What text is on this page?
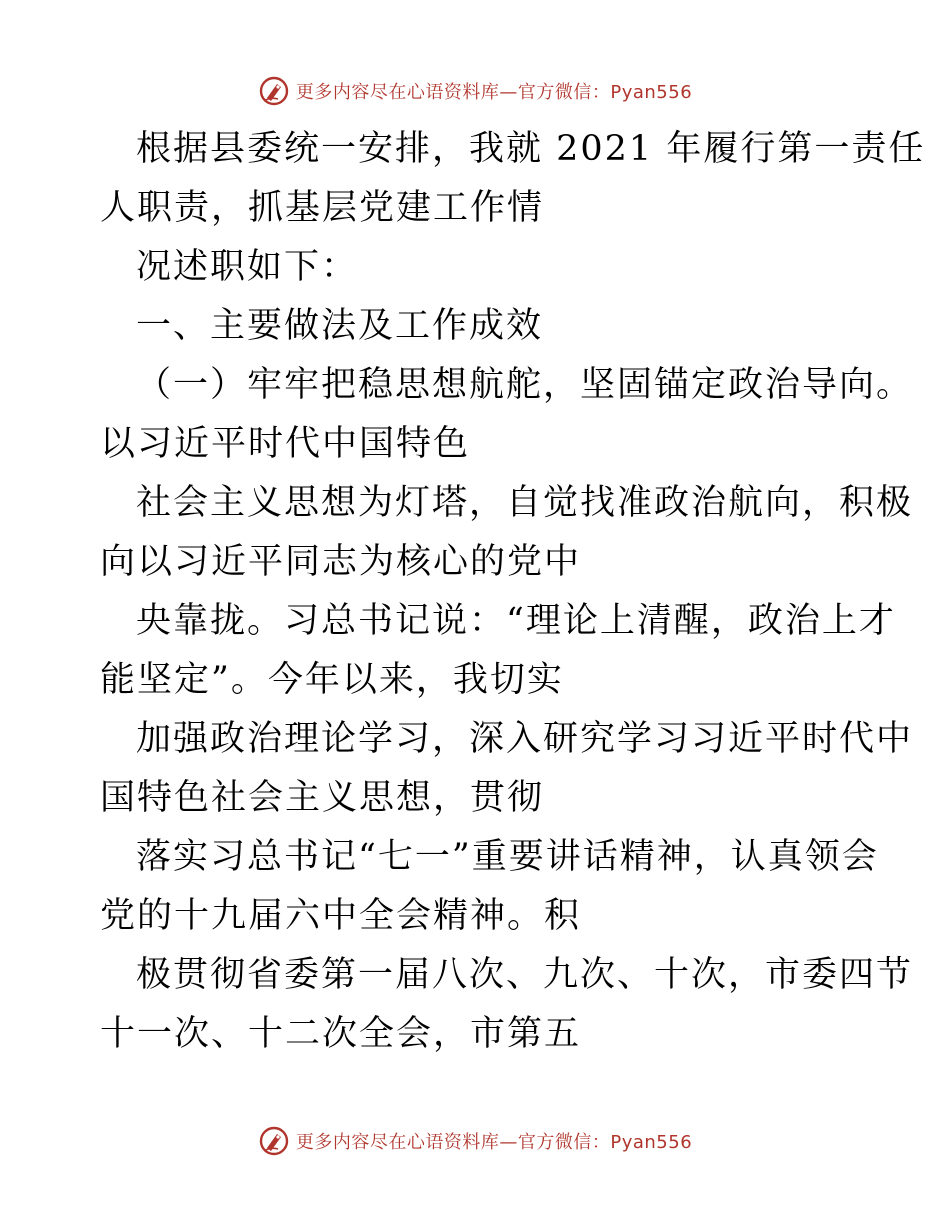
更多内容尽在心语资料库—官方微信：Pyan556
根据县委统一安排，我就 2021 年履行第一责任
人职责，抓基层党建工作情
况述职如下：
一、主要做法及工作成效
（一）牢牢把稳思想航舵，坚固锚定政治导向。
以习近平时代中国特色
社会主义思想为灯塔，自觉找准政治航向，积极
向以习近平同志为核心的党中
央靠拢。习总书记说：“理论上清醒，政治上才
能坚定”。今年以来，我切实
加强政治理论学习，深入研究学习习近平时代中
国特色社会主义思想，贯彻
落实习总书记“七一”重要讲话精神，认真领会
党的十九届六中全会精神。积
极贯彻省委第一届八次、九次、十次，市委四节
十一次、十二次全会，市第五
更多内容尽在心语资料库—官方微信：Pyan556
